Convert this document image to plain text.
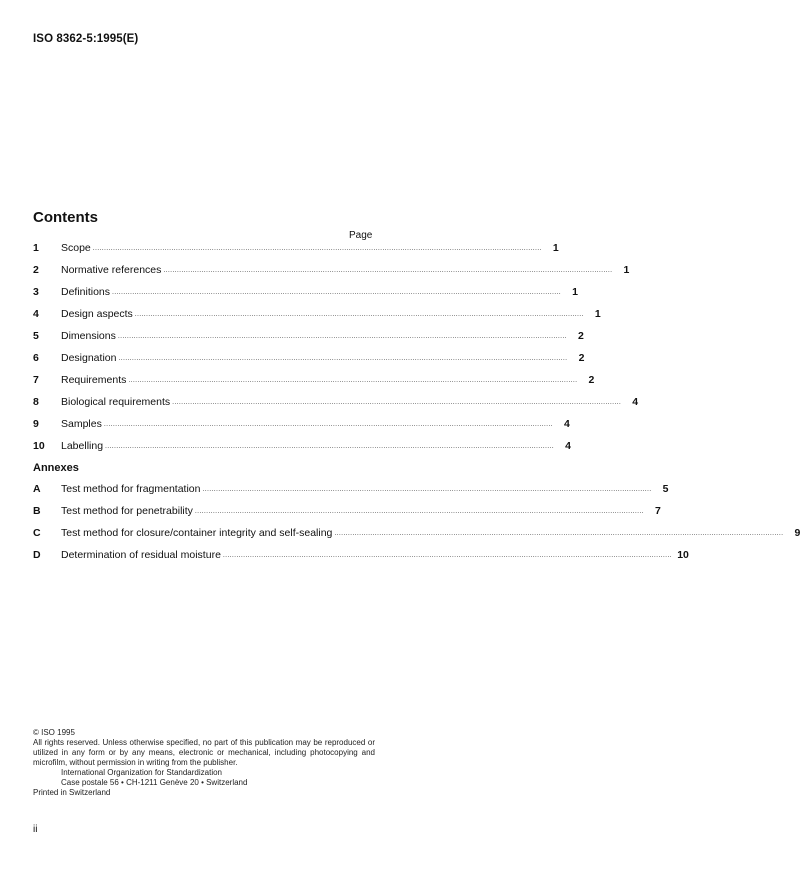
ISO 8362-5:1995(E)
Contents
Page
1	Scope ........................................................................................................................................................................................................	1
2	Normative references ........................................................................................................................................................................................................	1
3	Definitions ........................................................................................................................................................................................................	1
4	Design aspects ........................................................................................................................................................................................................	1
5	Dimensions ........................................................................................................................................................................................................	2
6	Designation ........................................................................................................................................................................................................	2
7	Requirements ........................................................................................................................................................................................................	2
8	Biological requirements ........................................................................................................................................................................................................	4
9	Samples ........................................................................................................................................................................................................	4
10	Labelling ........................................................................................................................................................................................................	4
A	Test method for fragmentation ........................................................................................................................................................................................................	5
B	Test method for penetrability ........................................................................................................................................................................................................	7
C	Test method for closure/container integrity and self-sealing ........................................................................................................................................................................................................	9
D	Determination of residual moisture ........................................................................................................................................................................................................ 10
Annexes

© ISO 1995

All rights reserved. Unless otherwise specified, no part of this publication may be reproduced or utilized in any form or by any means, electronic or mechanical, including photocopying and microfilm, without permission in writing from the publisher.

International Organization for Standardization

Case postale 56 • CH-1211 Genève 20 • Switzerland

Printed in Switzerland

ii
